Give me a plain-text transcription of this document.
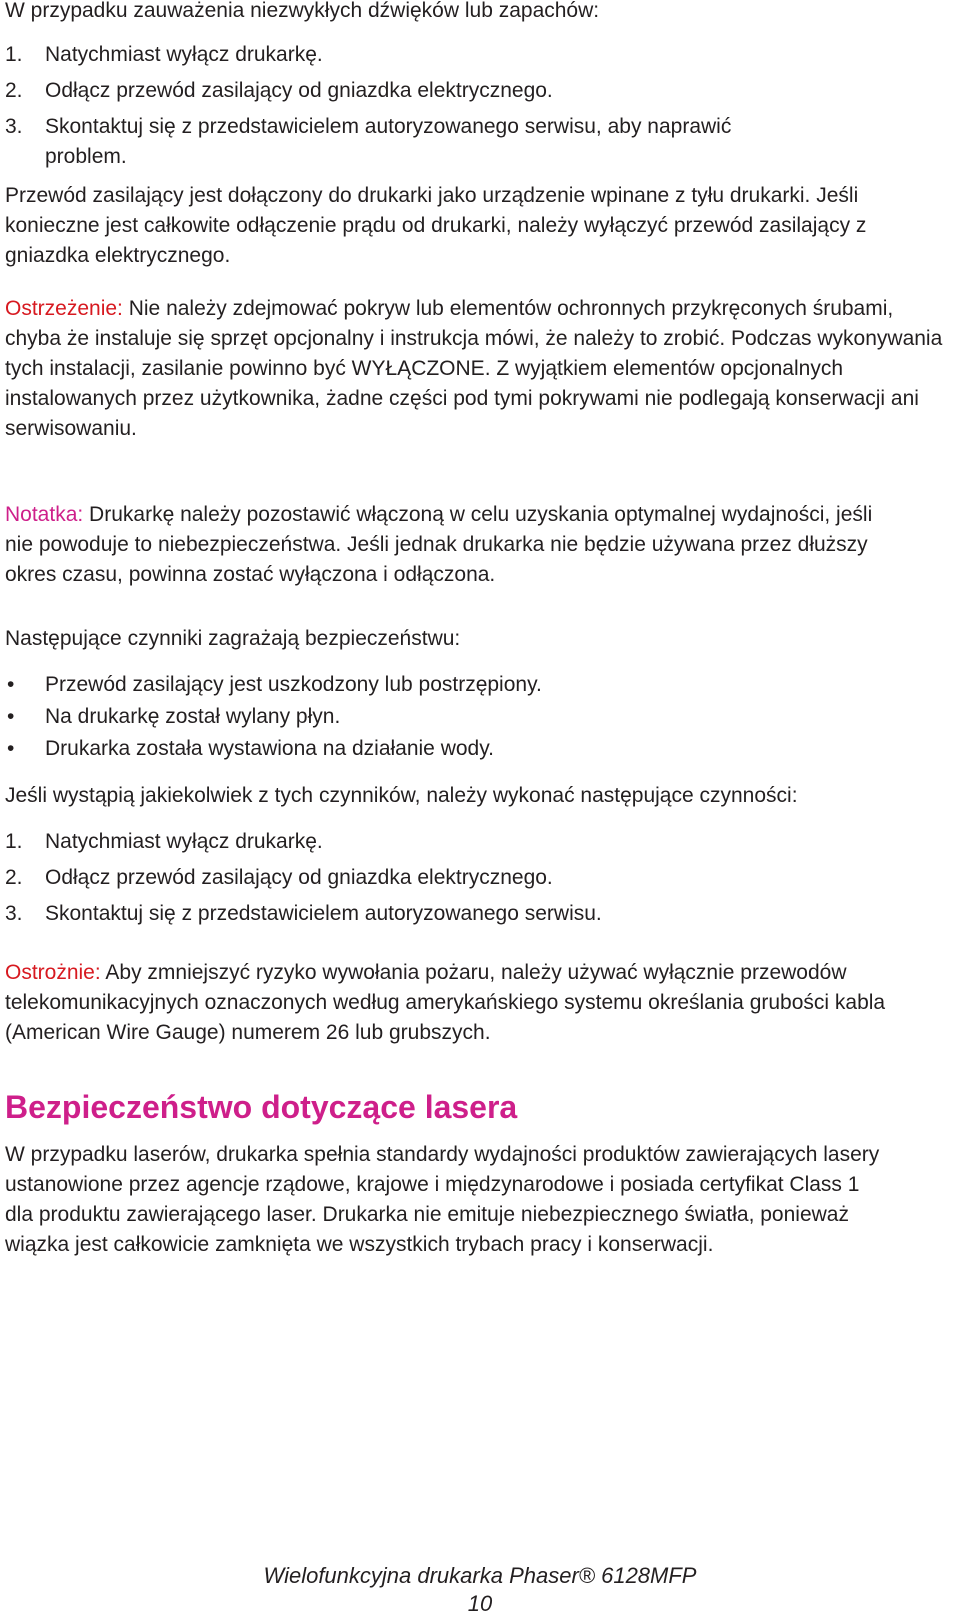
W przypadku zauważenia niezwykłych dźwięków lub zapachów:

1. Natychmiast wyłącz drukarkę.
2. Odłącz przewód zasilający od gniazdka elektrycznego.
3. Skontaktuj się z przedstawicielem autoryzowanego serwisu, aby naprawić problem.

Przewód zasilający jest dołączony do drukarki jako urządzenie wpinane z tyłu drukarki. Jeśli konieczne jest całkowite odłączenie prądu od drukarki, należy wyłączyć przewód zasilający z gniazdka elektrycznego.

Ostrzeżenie: Nie należy zdejmować pokryw lub elementów ochronnych przykręconych śrubami, chyba że instaluje się sprzęt opcjonalny i instrukcja mówi, że należy to zrobić. Podczas wykonywania tych instalacji, zasilanie powinno być WYŁĄCZONE. Z wyjątkiem elementów opcjonalnych instalowanych przez użytkownika, żadne części pod tymi pokrywami nie podlegają konserwacji ani serwisowaniu.

Notatka: Drukarkę należy pozostawić włączoną w celu uzyskania optymalnej wydajności, jeśli nie powoduje to niebezpieczeństwa. Jeśli jednak drukarka nie będzie używana przez dłuższy okres czasu, powinna zostać wyłączona i odłączona.

Następujące czynniki zagrażają bezpieczeństwu:

• Przewód zasilający jest uszkodzony lub postrzępiony.
• Na drukarkę został wylany płyn.
• Drukarka została wystawiona na działanie wody.

Jeśli wystąpią jakiekolwiek z tych czynników, należy wykonać następujące czynności:

1. Natychmiast wyłącz drukarkę.
2. Odłącz przewód zasilający od gniazdka elektrycznego.
3. Skontaktuj się z przedstawicielem autoryzowanego serwisu.

Ostrożnie: Aby zmniejszyć ryzyko wywołania pożaru, należy używać wyłącznie przewodów telekomunikacyjnych oznaczonych według amerykańskiego systemu określania grubości kabla (American Wire Gauge) numerem 26 lub grubszych.

Bezpieczeństwo dotyczące lasera

W przypadku laserów, drukarka spełnia standardy wydajności produktów zawierających lasery ustanowione przez agencje rządowe, krajowe i międzynarodowe i posiada certyfikat Class 1 dla produktu zawierającego laser. Drukarka nie emituje niebezpiecznego światła, ponieważ wiązka jest całkowicie zamknięta we wszystkich trybach pracy i konserwacji.

Wielofunkcyjna drukarka Phaser® 6128MFP
10
